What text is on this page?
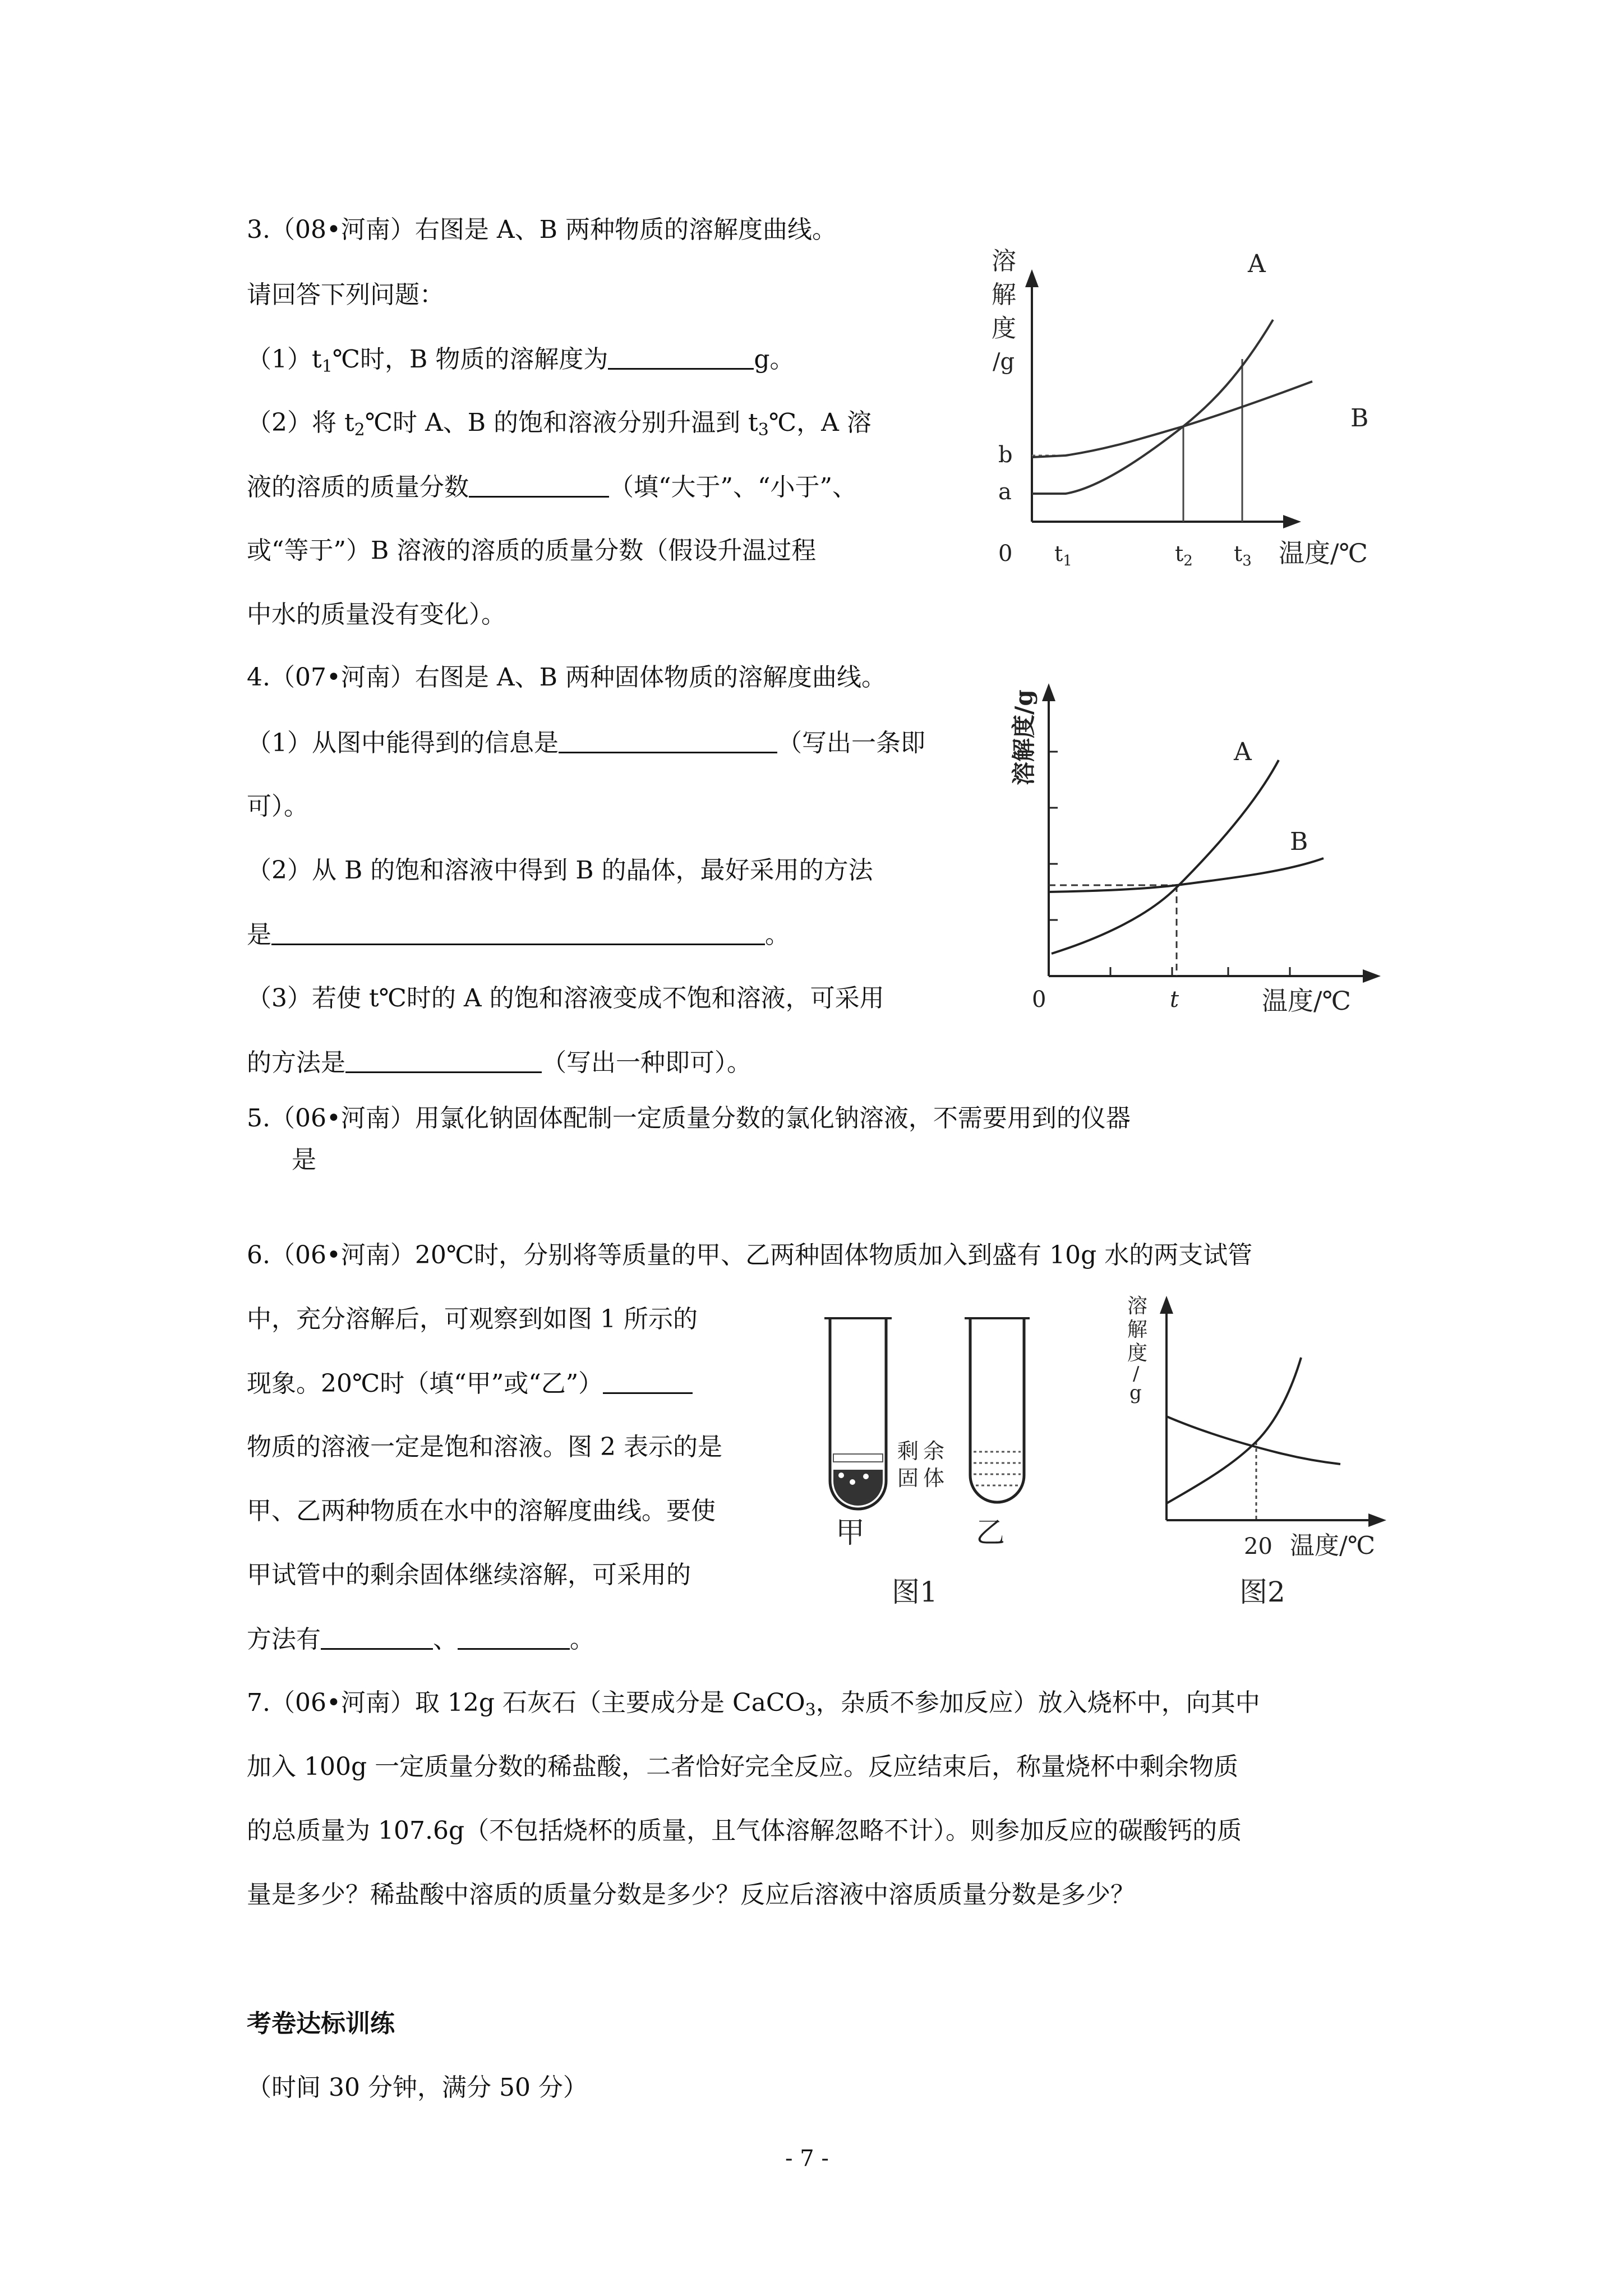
3.（08•河南）右图是 A、B 两种物质的溶解度曲线。
请回答下列问题：
$(1)t_1℃$时，B 物质的溶解度为	g。
（2）将 $t_2℃$时 A、B 的饱和溶液分别升温到 $t_3℃$，A 溶
液的溶质的质量分数	（填“大于”、“小于”、
或“等于”）B 溶液的溶质的质量分数（假设升温过程
中水的质量没有变化）。
溶
解
度
/g
b
a
0 $t_1$	$t_2$ $t_3$ 温度/℃
A
B
4.（07•河南）右图是 A、B 两种固体物质的溶解度曲线。
（1）从图中能得到的信息是	（写出一条即
可）。
（2）从 B 的饱和溶液中得到 B 的晶体，最好采用的方法
是	。
（3）若使 t℃时的 A 的饱和溶液变成不饱和溶液，可采用
的方法是	（写出一种即可）。
溶解度/g
0	t	温度/℃
A
B
5.（06•河南）用氯化钠固体配制一定质量分数的氯化钠溶液，不需要用到的仪器
是
6.（06•河南）20℃时，分别将等质量的甲、乙两种固体物质加入到盛有 10g 水的两支试管
中，充分溶解后，可观察到如图 1 所示的
现象。20℃时（填“甲”或“乙”）
物质的溶液一定是饱和溶液。图 2 表示的是
甲、乙两种物质在水中的溶解度曲线。要使
甲试管中的剩余固体继续溶解，可采用的
方法有	、	。
剩 余
固 体
甲	乙
图1
溶
解
度
/
g
20 温度/℃
图2
7.（06•河南）取 12g 石灰石（主要成分是 CaCO$_3$，杂质不参加反应）放入烧杯中，向其中
加入 100g 一定质量分数的稀盐酸，二者恰好完全反应。反应结束后，称量烧杯中剩余物质
的总质量为 107.6g（不包括烧杯的质量，且气体溶解忽略不计）。则参加反应的碳酸钙的质
量是多少？稀盐酸中溶质的质量分数是多少？反应后溶液中溶质质量分数是多少？
考卷达标训练
（时间 30 分钟，满分 50 分）
- 7 -
